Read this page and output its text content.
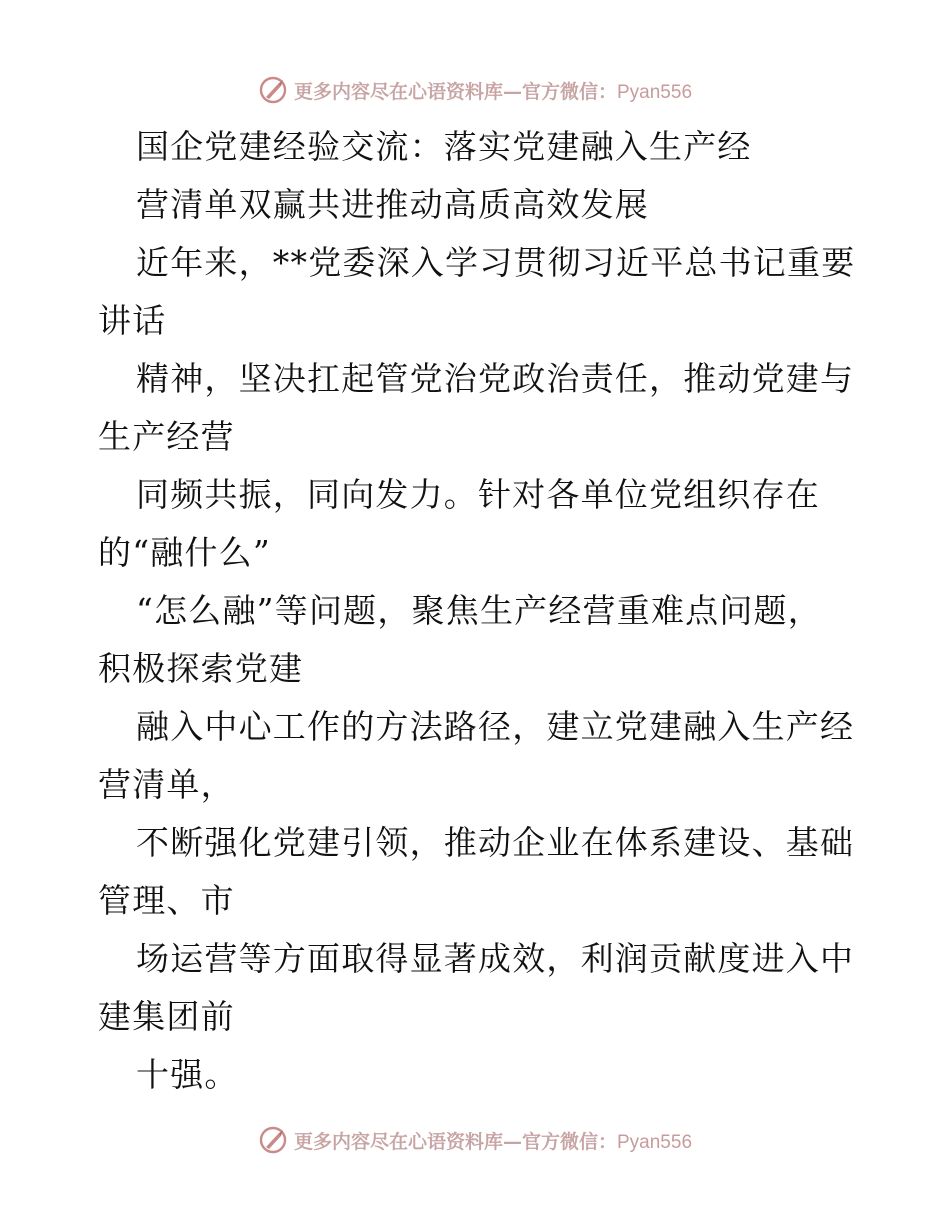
更多内容尽在心语资料库—官方微信：Pyan556
国企党建经验交流：落实党建融入生产经
营清单双赢共进推动高质高效发展
近年来，**党委深入学习贯彻习近平总书记重要
讲话
精神，坚决扛起管党治党政治责任，推动党建与
生产经营
同频共振，同向发力。针对各单位党组织存在
的“融什么”
“怎么融”等问题，聚焦生产经营重难点问题，
积极探索党建
融入中心工作的方法路径，建立党建融入生产经
营清单，
不断强化党建引领，推动企业在体系建设、基础
管理、市
场运营等方面取得显著成效，利润贡献度进入中
建集团前
十强。
更多内容尽在心语资料库—官方微信：Pyan556
